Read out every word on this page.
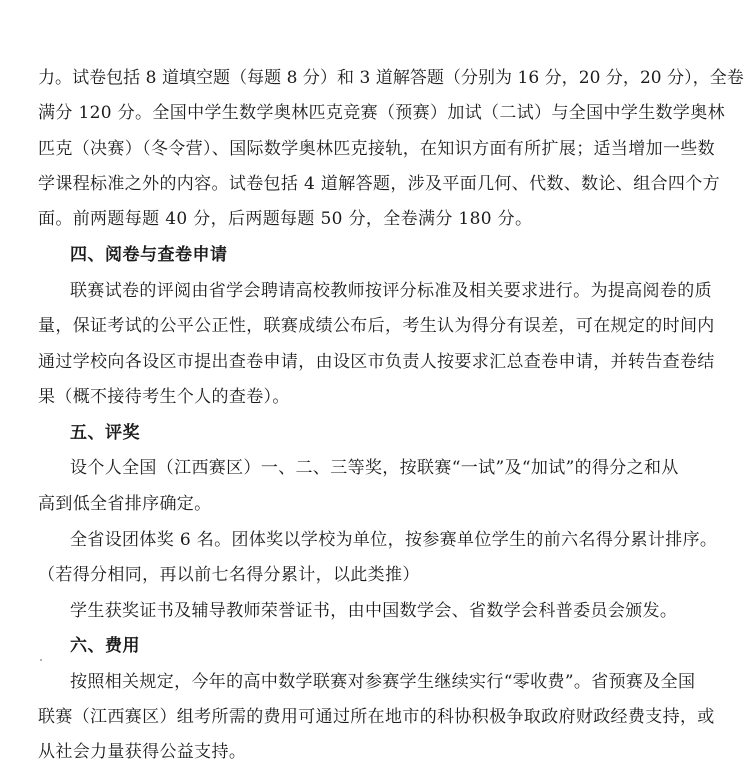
力。试卷包括 8 道填空题（每题 8 分）和 3 道解答题（分别为 16 分，20 分，20 分），全卷
满分 120 分。全国中学生数学奥林匹克竞赛（预赛）加试（二试）与全国中学生数学奥林
匹克（决赛）（冬令营）、国际数学奥林匹克接轨，在知识方面有所扩展；适当增加一些数
学课程标准之外的内容。试卷包括 4 道解答题，涉及平面几何、代数、数论、组合四个方
面。前两题每题 40 分，后两题每题 50 分，全卷满分 180 分。
四、阅卷与查卷申请
联赛试卷的评阅由省学会聘请高校教师按评分标准及相关要求进行。为提高阅卷的质
量，保证考试的公平公正性，联赛成绩公布后，考生认为得分有误差，可在规定的时间内
通过学校向各设区市提出查卷申请，由设区市负责人按要求汇总查卷申请，并转告查卷结
果（概不接待考生个人的查卷）。
五、评奖
设个人全国（江西赛区）一、二、三等奖，按联赛“一试”及“加试”的得分之和从
高到低全省排序确定。
全省设团体奖 6 名。团体奖以学校为单位，按参赛单位学生的前六名得分累计排序。
（若得分相同，再以前七名得分累计，以此类推）
学生获奖证书及辅导教师荣誉证书，由中国数学会、省数学会科普委员会颁发。
六、费用
按照相关规定，今年的高中数学联赛对参赛学生继续实行“零收费”。省预赛及全国
联赛（江西赛区）组考所需的费用可通过所在地市的科协积极争取政府财政经费支持，或
从社会力量获得公益支持。
